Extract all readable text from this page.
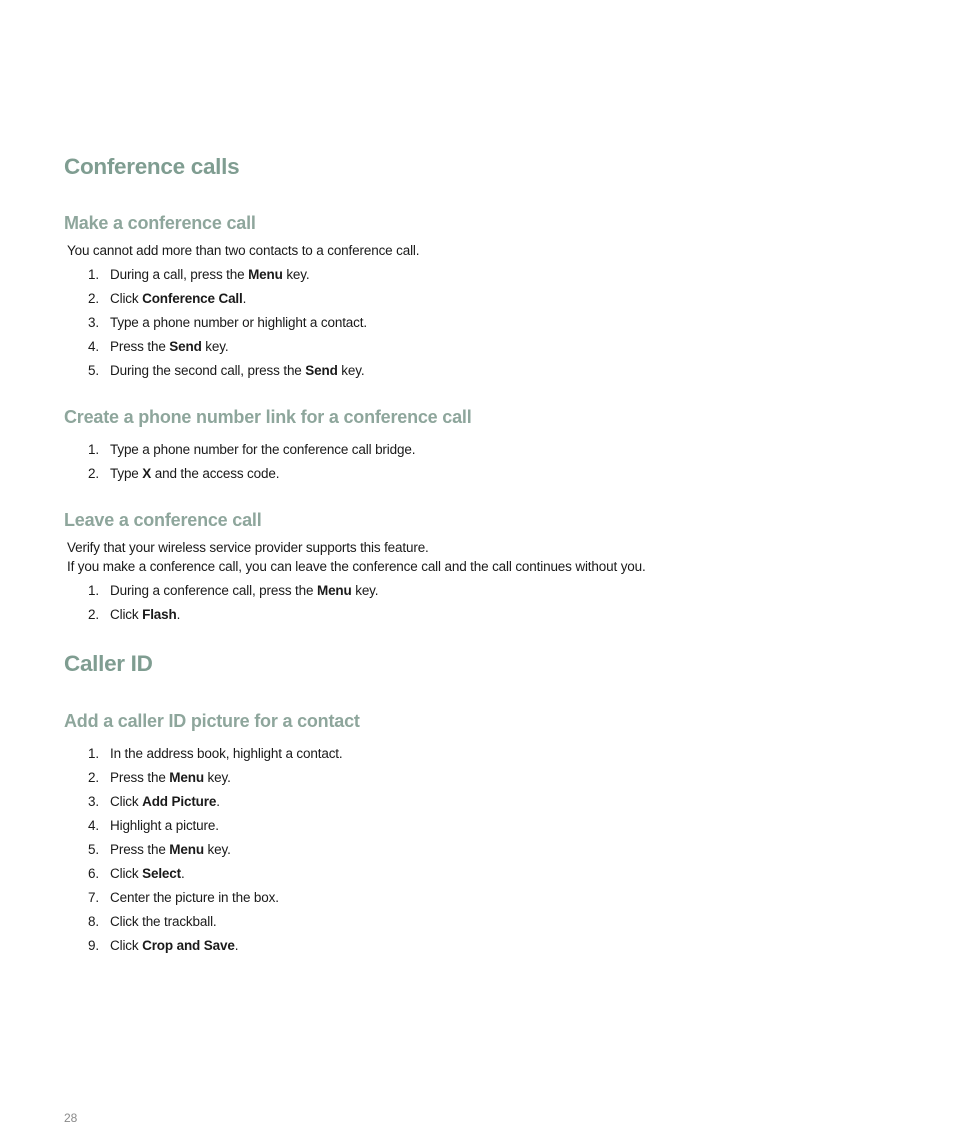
Conference calls
Make a conference call

You cannot add more than two contacts to a conference call.

1. During a call, press the Menu key.
2. Click Conference Call.
3. Type a phone number or highlight a contact.
4. Press the Send key.
5. During the second call, press the Send key.
Create a phone number link for a conference call
1. Type a phone number for the conference call bridge.
2. Type X and the access code.
Leave a conference call

Verify that your wireless service provider supports this feature.

If you make a conference call, you can leave the conference call and the call continues without you.

1. During a conference call, press the Menu key.
2. Click Flash.
Caller ID
Add a caller ID picture for a contact
1. In the address book, highlight a contact.
2. Press the Menu key.
3. Click Add Picture.
4. Highlight a picture.
5. Press the Menu key.
6. Click Select.
7. Center the picture in the box.
8. Click the trackball.
9. Click Crop and Save.
28
